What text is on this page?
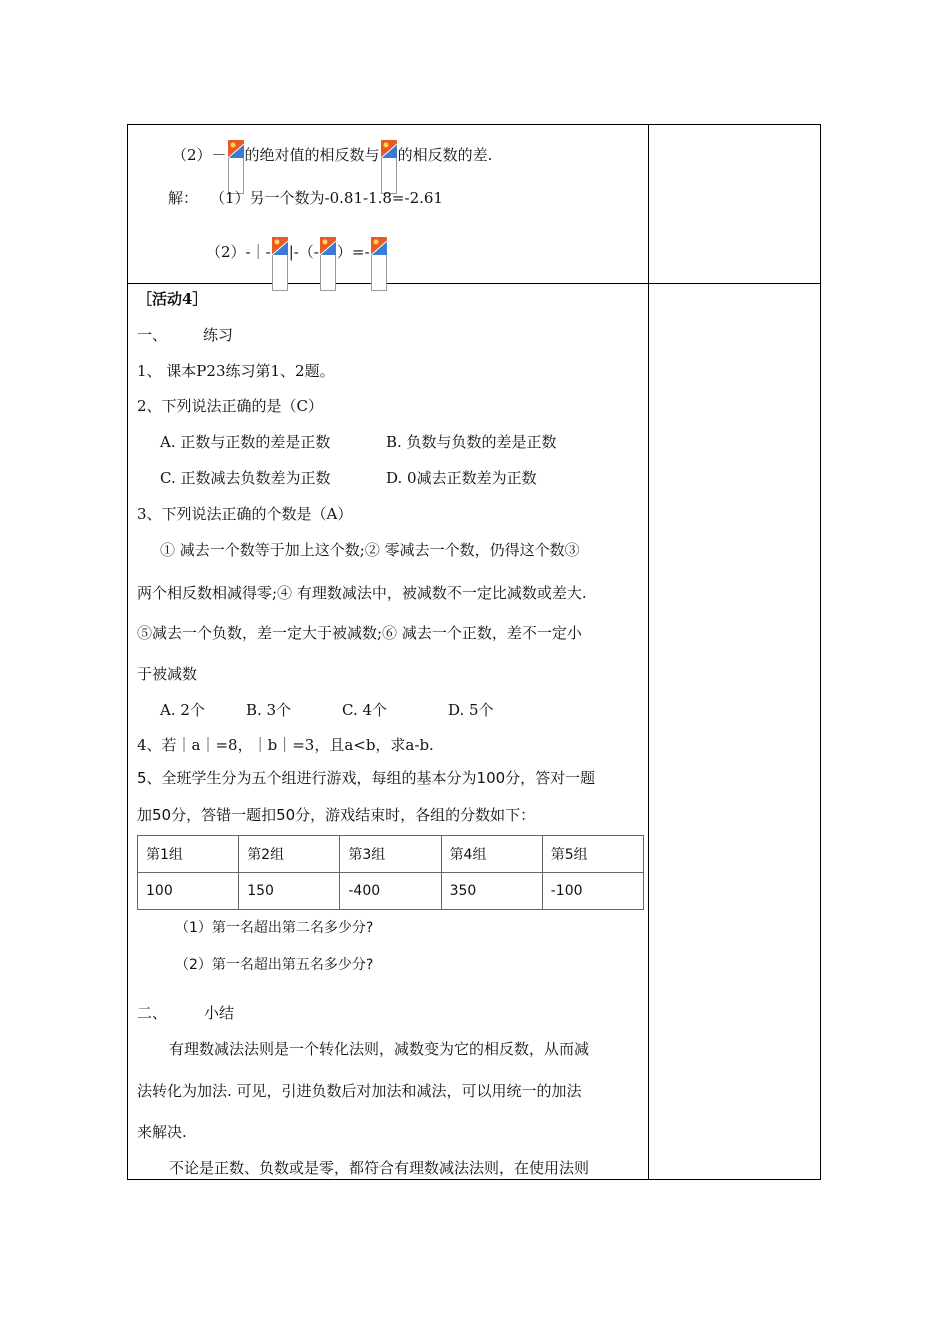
（2）－ 的绝对值的相反数与 的相反数的差.
解： （1）另一个数为-0.81-1.8=-2.61
（2）-｜- |-（- ）=-
［活动4］
一、 练习
1、 课本P23练习第1、2题。
2、下列说法正确的是（C）
A. 正数与正数的差是正数	B. 负数与负数的差是正数
C. 正数减去负数差为正数	D. 0减去正数差为正数
3、下列说法正确的个数是（A）
① 减去一个数等于加上这个数;② 零减去一个数，仍得这个数③
两个相反数相减得零;④ 有理数减法中，被减数不一定比减数或差大.
⑤减去一个负数，差一定大于被减数;⑥ 减去一个正数，差不一定小
于被减数
A. 2个	B. 3个	C. 4个	D. 5个
4、若｜a｜=8，｜b｜=3，且a<b，求a-b.
5、全班学生分为五个组进行游戏，每组的基本分为100分，答对一题
加50分，答错一题扣50分，游戏结束时，各组的分数如下：
第1组	第2组	第3组	第4组	第5组
100	150	-400	350	-100
（1）第一名超出第二名多少分?
（2）第一名超出第五名多少分?
二、 小结
有理数减法法则是一个转化法则，减数变为它的相反数，从而减
法转化为加法. 可见，引进负数后对加法和减法，可以用统一的加法
来解决.
不论是正数、负数或是零，都符合有理数减法法则，在使用法则
